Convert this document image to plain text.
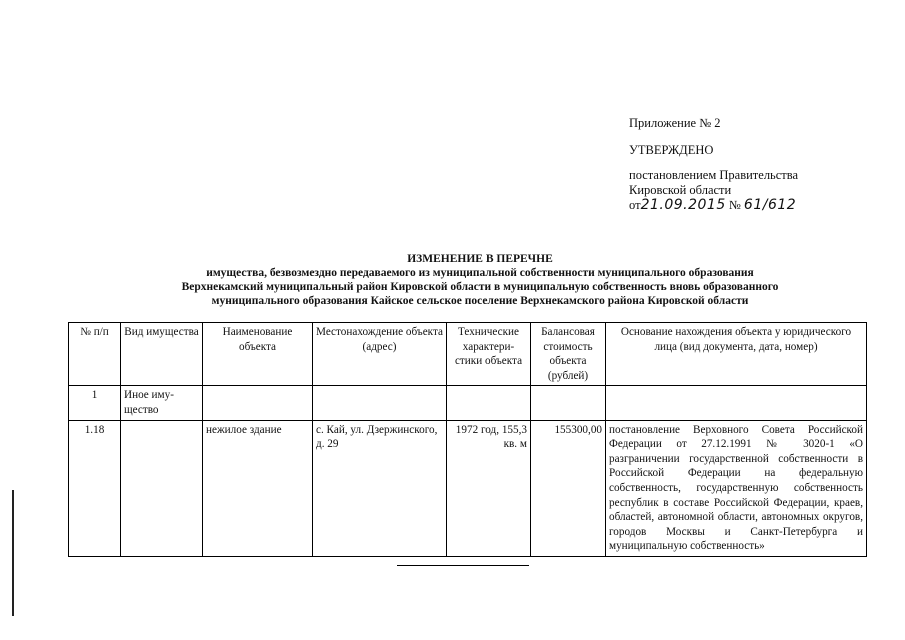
Приложение № 2
УТВЕРЖДЕНО
постановлением Правительства
Кировской области
от21.09.2015 № 61/612
ИЗМЕНЕНИЕ В ПЕРЕЧНЕ
имущества, безвозмездно передаваемого из муниципальной собственности муниципального образования
Верхнекамский муниципальный район Кировской области в муниципальную собственность вновь образованного
муниципального образования Кайское сельское поселение Верхнекамского района Кировской области
№ п/п	Вид имущества	Наименование объекта	Местонахождение объекта (адрес)	Технические характери- стики объекта	Балансовая стоимость объекта (рублей)	Основание нахождения объекта у юридического лица (вид документа, дата, номер)
1	Иное иму- щество					
1.18		нежилое здание	с. Кай, ул. Дзержинского, д. 29	1972 год, 155,3 кв. м	155300,00	постановление Верховного Совета Российской Федерации от 27.12.1991 № 3020-1 «О разграничении государственной собственности в Российской Федерации на федеральную собственность, государственную собственность республик в составе Российской Федерации, краев, областей, автономной области, автономных округов, городов Москвы и Санкт-Петербурга и муниципальную собственность»
